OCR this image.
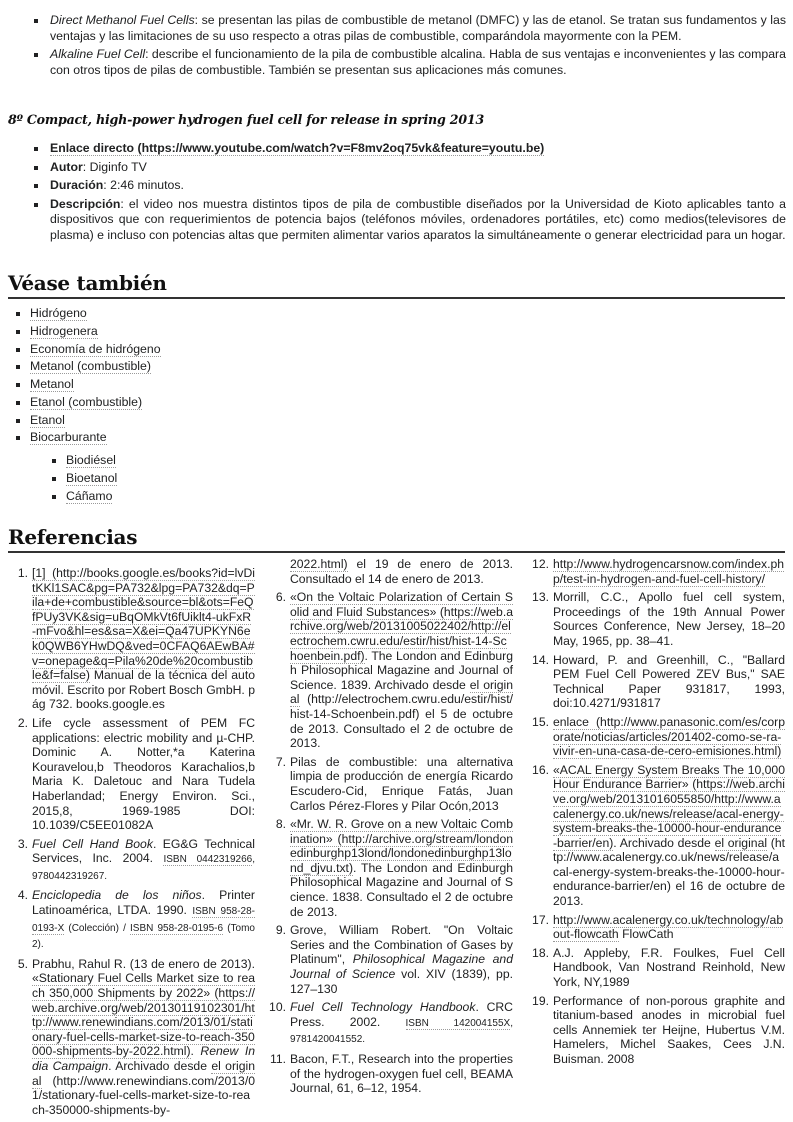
Direct Methanol Fuel Cells: se presentan las pilas de combustible de metanol (DMFC) y las de etanol. Se tratan sus fundamentos y las ventajas y las limitaciones de su uso respecto a otras pilas de combustible, comparándola mayormente con la PEM.
Alkaline Fuel Cell: describe el funcionamiento de la pila de combustible alcalina. Habla de sus ventajas e inconvenientes y las compara con otros tipos de pilas de combustible. También se presentan sus aplicaciones más comunes.
8º Compact, high-power hydrogen fuel cell for release in spring 2013
Enlace directo (https://www.youtube.com/watch?v=F8mv2oq75vk&feature=youtu.be)
Autor: Diginfo TV
Duración: 2:46 minutos.
Descripción: el video nos muestra distintos tipos de pila de combustible diseñados por la Universidad de Kioto aplicables tanto a dispositivos que con requerimientos de potencia bajos (teléfonos móviles, ordenadores portátiles, etc) como medios(televisores de plasma) e incluso con potencias altas que permiten alimentar varios aparatos la simultáneamente o generar electricidad para un hogar.
Véase también
Hidrógeno
Hidrogenera
Economía de hidrógeno
Metanol (combustible)
Metanol
Etanol (combustible)
Etanol
Biocarburante
Biodiésel
Bioetanol
Cáñamo
Referencias
1. [1] (http://books.google.es/books?id=lvDitKKl1SAC&pg=PA732&lpg=PA732&dq=Pila+de+combustible&source=bl&ots=FeQfPUy3VK&sig=uBqOMkVt6fUiklt4-ukFxR-mFvo&hl=es&sa=X&ei=Qa47UPKYN6ek0QWB6YHwDQ&ved=0CFAQ6AEwBA#v=onepage&q=Pila%20de%20combustible&f=false) Manual de la técnica del automóvil. Escrito por Robert Bosch GmbH. pág 732. books.google.es
2. Life cycle assessment of PEM FC applications: electric mobility and µ-CHP. Dominic A. Notter,*a Katerina Kouravelou,b Theodoros Karachalios,b Maria K. Daletouc and Nara Tudela Haberlandad; Energy Environ. Sci., 2015,8, 1969-1985 DOI: 10.1039/C5EE01082A
3. Fuel Cell Hand Book. EG&G Technical Services, Inc. 2004. ISBN 0442319266, 9780442319267.
4. Enciclopedia de los niños. Printer Latinoamérica, LTDA. 1990. ISBN 958-28-0193-X (Colección) / ISBN 958-28-0195-6 (Tomo 2).
5. Prabhu, Rahul R. (13 de enero de 2013). «Stationary Fuel Cells Market size to reach 350,000 Shipments by 2022» (https://web.archive.org/web/20130119102301/http://www.renewindians.com/2013/01/stationary-fuel-cells-market-size-to-reach-350000-shipments-by-2022.html). Renew India Campaign. Archivado desde el original (http://www.renewindians.com/2013/01/stationary-fuel-cells-market-size-to-reach-350000-shipments-by-
2022.html) el 19 de enero de 2013. Consultado el 14 de enero de 2013.
6. «On the Voltaic Polarization of Certain Solid and Fluid Substances» (https://web.archive.org/web/20131005022402/http://electrochem.cwru.edu/estir/hist/hist-14-Schoenbein.pdf). The London and Edinburgh Philosophical Magazine and Journal of Science. 1839. Archivado desde el original (http://electrochem.cwru.edu/estir/hist/hist-14-Schoenbein.pdf) el 5 de octubre de 2013. Consultado el 2 de octubre de 2013.
7. Pilas de combustible: una alternativa limpia de producción de energía Ricardo Escudero-Cid, Enrique Fatás, Juan Carlos Pérez-Flores y Pilar Ocón,2013
8. «Mr. W. R. Grove on a new Voltaic Combination» (http://archive.org/stream/londonedinburghp13lond/londonedinburghp13lond_djvu.txt). The London and Edinburgh Philosophical Magazine and Journal of Science. 1838. Consultado el 2 de octubre de 2013.
9. Grove, William Robert. "On Voltaic Series and the Combination of Gases by Platinum", Philosophical Magazine and Journal of Science vol. XIV (1839), pp. 127–130
10. Fuel Cell Technology Handbook. CRC Press. 2002. ISBN 142004155X, 9781420041552.
11. Bacon, F.T., Research into the properties of the hydrogen-oxygen fuel cell, BEAMA Journal, 61, 6–12, 1954.
12. http://www.hydrogencarsnow.com/index.php/test-in-hydrogen-and-fuel-cell-history/
13. Morrill, C.C., Apollo fuel cell system, Proceedings of the 19th Annual Power Sources Conference, New Jersey, 18–20 May, 1965, pp. 38–41.
14. Howard, P. and Greenhill, C., "Ballard PEM Fuel Cell Powered ZEV Bus," SAE Technical Paper 931817, 1993, doi:10.4271/931817
15. enlace (http://www.panasonic.com/es/corporate/noticias/articles/201402-como-se-ra-vivir-en-una-casa-de-cero-emisiones.html)
16. «ACAL Energy System Breaks The 10,000 Hour Endurance Barrier» (https://web.archive.org/web/20131016055850/http://www.acalenergy.co.uk/news/release/acal-energy-system-breaks-the-10000-hour-endurance-barrier/en). Archivado desde el original (http://www.acalenergy.co.uk/news/release/acal-energy-system-breaks-the-10000-hour-endurance-barrier/en) el 16 de octubre de 2013.
17. http://www.acalenergy.co.uk/technology/about-flowcath FlowCath
18. A.J. Appleby, F.R. Foulkes, Fuel Cell Handbook, Van Nostrand Reinhold, New York, NY,1989
19. Performance of non-porous graphite and titanium-based anodes in microbial fuel cells Annemiek ter Heijne, Hubertus V.M. Hamelers, Michel Saakes, Cees J.N. Buisman. 2008
